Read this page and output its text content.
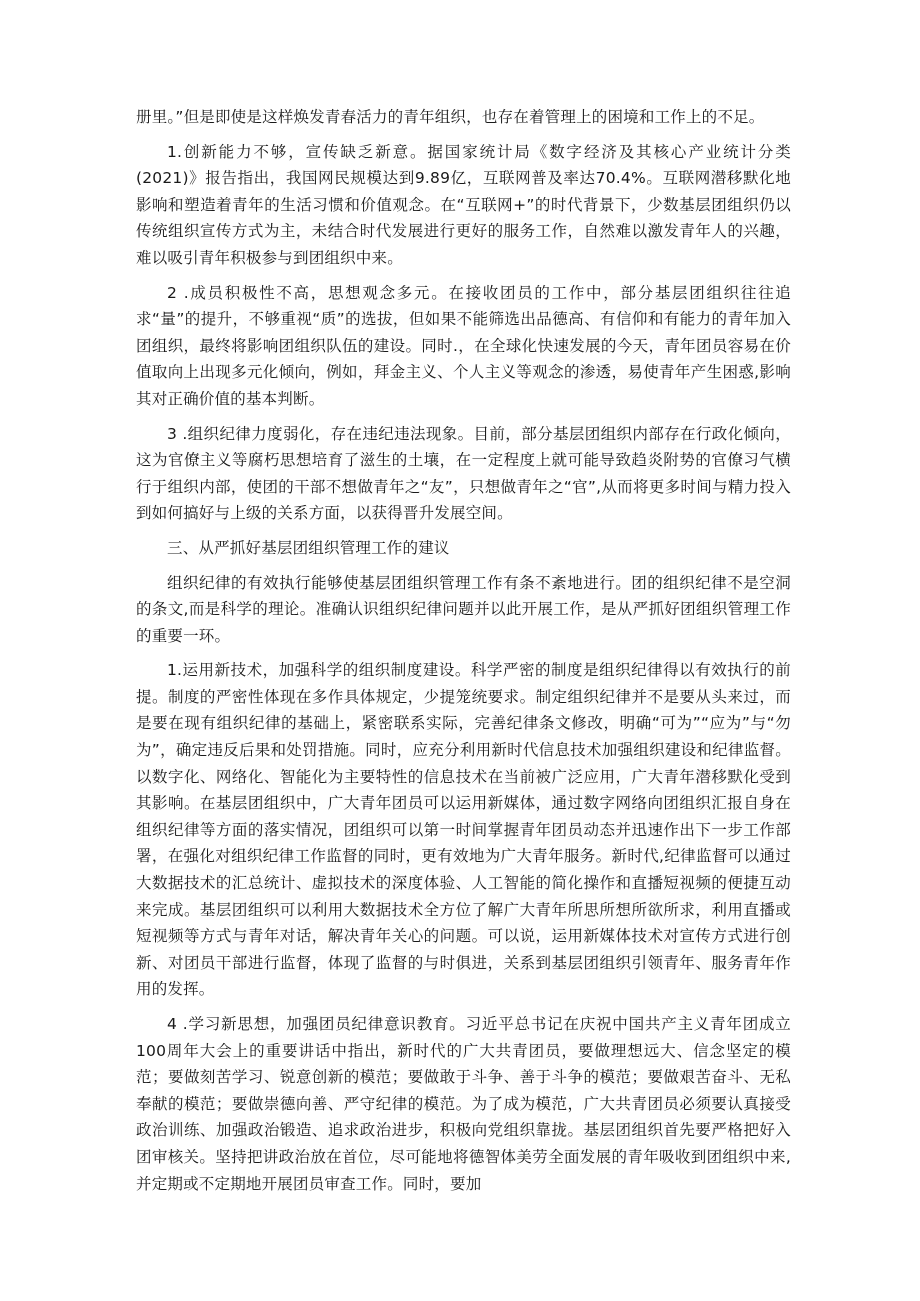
册里。”但是即使是这样焕发青春活力的青年组织，也存在着管理上的困境和工作上的不足。

1.创新能力不够，宣传缺乏新意。据国家统计局《数字经济及其核心产业统计分类(2021)》报告指出，我国网民规模达到9.89亿，互联网普及率达70.4%。互联网潜移默化地影响和塑造着青年的生活习惯和价值观念。在“互联网+”的时代背景下，少数基层团组织仍以传统组织宣传方式为主，未结合时代发展进行更好的服务工作，自然难以激发青年人的兴趣，难以吸引青年积极参与到团组织中来。

2 .成员积极性不高，思想观念多元。在接收团员的工作中，部分基层团组织往往追求“量”的提升，不够重视“质”的选拔，但如果不能筛选出品德高、有信仰和有能力的青年加入团组织，最终将影响团组织队伍的建设。同时.，在全球化快速发展的今天，青年团员容易在价值取向上出现多元化倾向，例如，拜金主义、个人主义等观念的渗透，易使青年产生困惑,影响其对正确价值的基本判断。

3 .组织纪律力度弱化，存在违纪违法现象。目前，部分基层团组织内部存在行政化倾向，这为官僚主义等腐朽思想培育了滋生的土壤，在一定程度上就可能导致趋炎附势的官僚习气横行于组织内部，使团的干部不想做青年之“友”，只想做青年之“官”,从而将更多时间与精力投入到如何搞好与上级的关系方面，以获得晋升发展空间。

三、从严抓好基层团组织管理工作的建议

组织纪律的有效执行能够使基层团组织管理工作有条不紊地进行。团的组织纪律不是空洞的条文,而是科学的理论。准确认识组织纪律问题并以此开展工作，是从严抓好团组织管理工作的重要一环。

1.运用新技术，加强科学的组织制度建设。科学严密的制度是组织纪律得以有效执行的前提。制度的严密性体现在多作具体规定，少提笼统要求。制定组织纪律并不是要从头来过，而是要在现有组织纪律的基础上，紧密联系实际，完善纪律条文修改，明确“可为”“应为”与“勿为”，确定违反后果和处罚措施。同时，应充分利用新时代信息技术加强组织建设和纪律监督。以数字化、网络化、智能化为主要特性的信息技术在当前被广泛应用，广大青年潜移默化受到其影响。在基层团组织中，广大青年团员可以运用新媒体，通过数字网络向团组织汇报自身在组织纪律等方面的落实情况，团组织可以第一时间掌握青年团员动态并迅速作出下一步工作部署，在强化对组织纪律工作监督的同时，更有效地为广大青年服务。新时代,纪律监督可以通过大数据技术的汇总统计、虚拟技术的深度体验、人工智能的简化操作和直播短视频的便捷互动来完成。基层团组织可以利用大数据技术全方位了解广大青年所思所想所欲所求，利用直播或短视频等方式与青年对话，解决青年关心的问题。可以说，运用新媒体技术对宣传方式进行创新、对团员干部进行监督，体现了监督的与时俱进，关系到基层团组织引领青年、服务青年作用的发挥。

4 .学习新思想，加强团员纪律意识教育。习近平总书记在庆祝中国共产主义青年团成立100周年大会上的重要讲话中指出，新时代的广大共青团员，要做理想远大、信念坚定的模范；要做刻苦学习、锐意创新的模范；要做敢于斗争、善于斗争的模范；要做艰苦奋斗、无私奉献的模范；要做崇德向善、严守纪律的模范。为了成为模范，广大共青团员必须要认真接受政治训练、加强政治锻造、追求政治进步，积极向党组织靠拢。基层团组织首先要严格把好入团审核关。坚持把讲政治放在首位，尽可能地将德智体美劳全面发展的青年吸收到团组织中来,并定期或不定期地开展团员审查工作。同时，要加
